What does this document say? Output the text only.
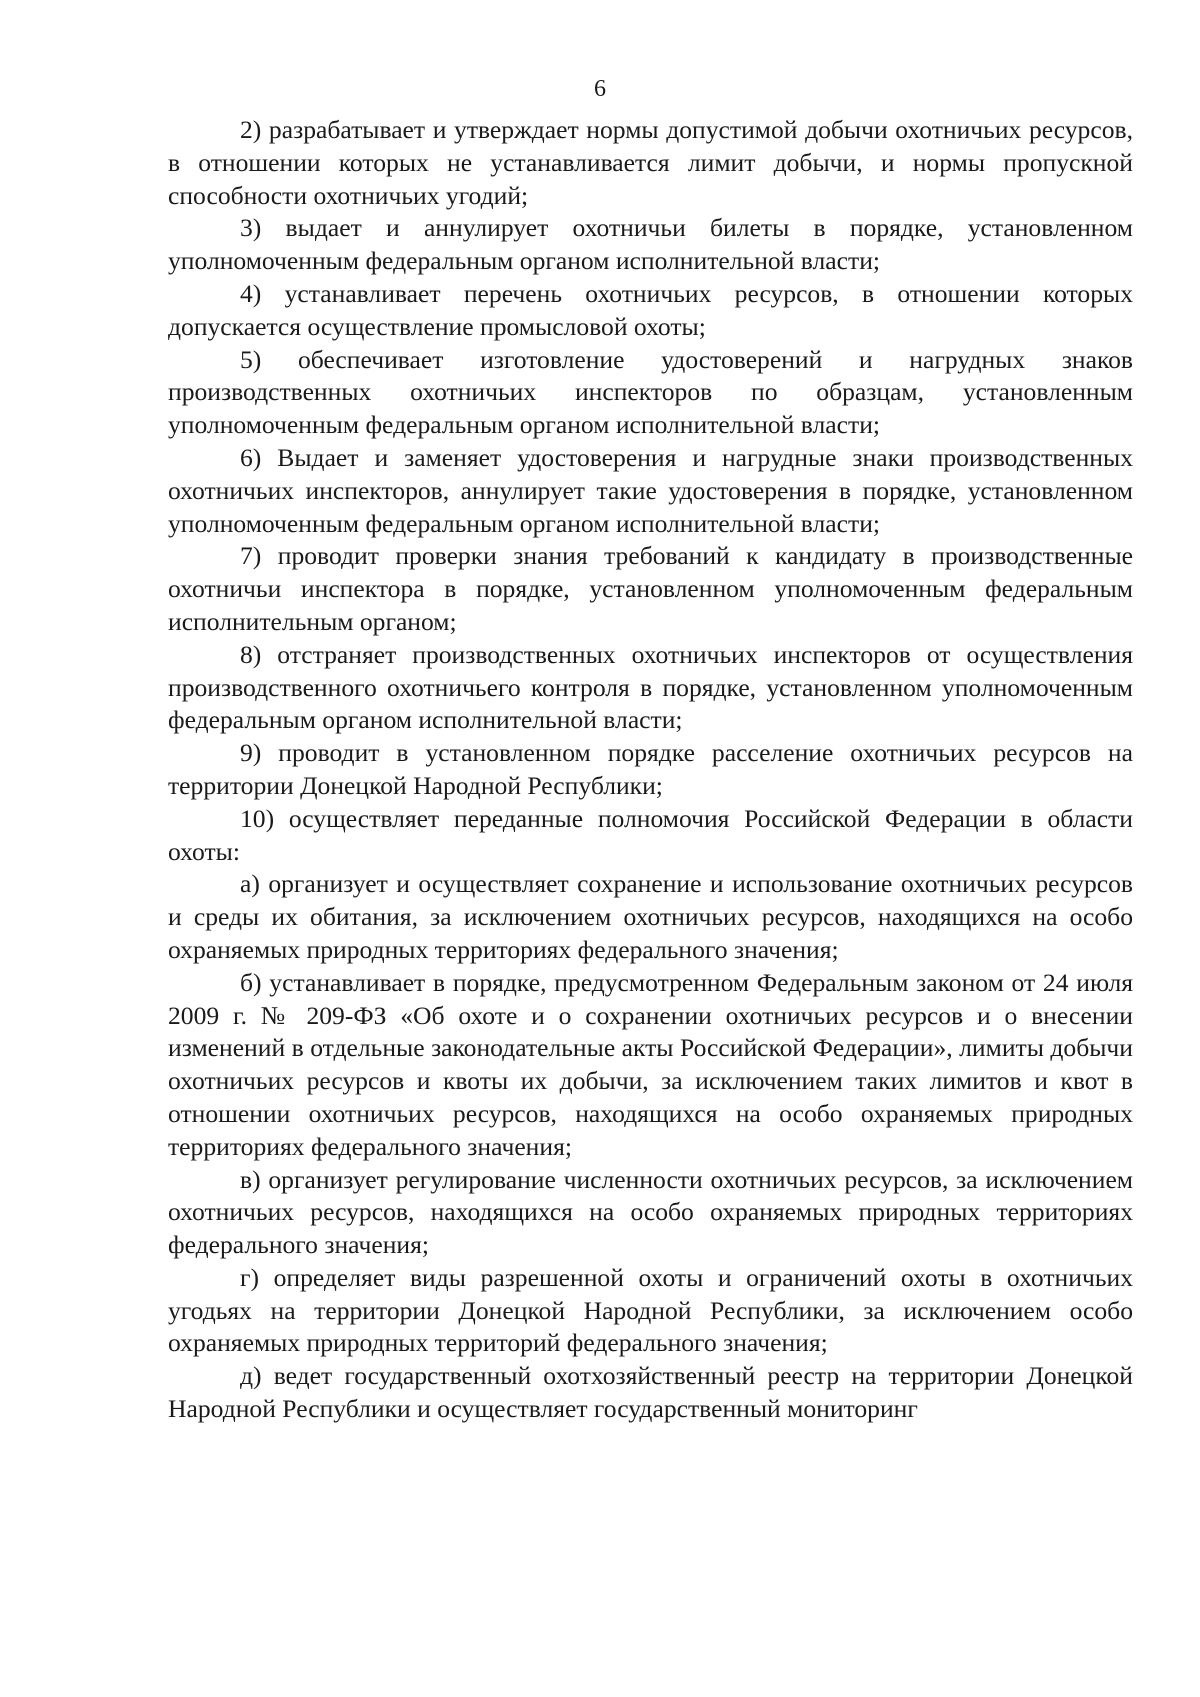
6

2) разрабатывает и утверждает нормы допустимой добычи охотничьих ресурсов, в отношении которых не устанавливается лимит добычи, и нормы пропускной способности охотничьих угодий;

3) выдает и аннулирует охотничьи билеты в порядке, установленном уполномоченным федеральным органом исполнительной власти;

4) устанавливает перечень охотничьих ресурсов, в отношении которых допускается осуществление промысловой охоты;

5) обеспечивает изготовление удостоверений и нагрудных знаков производственных охотничьих инспекторов по образцам, установленным уполномоченным федеральным органом исполнительной власти;

6) Выдает и заменяет удостоверения и нагрудные знаки производственных охотничьих инспекторов, аннулирует такие удостоверения в порядке, установленном уполномоченным федеральным органом исполнительной власти;

7) проводит проверки знания требований к кандидату в производственные охотничьи инспектора в порядке, установленном уполномоченным федеральным исполнительным органом;

8) отстраняет производственных охотничьих инспекторов от осуществления производственного охотничьего контроля в порядке, установленном уполномоченным федеральным органом исполнительной власти;

9) проводит в установленном порядке расселение охотничьих ресурсов на территории Донецкой Народной Республики;

10) осуществляет переданные полномочия Российской Федерации в области охоты:

а) организует и осуществляет сохранение и использование охотничьих ресурсов и среды их обитания, за исключением охотничьих ресурсов, находящихся на особо охраняемых природных территориях федерального значения;

б) устанавливает в порядке, предусмотренном Федеральным законом от 24 июля 2009 г. № 209-ФЗ «Об охоте и о сохранении охотничьих ресурсов и о внесении изменений в отдельные законодательные акты Российской Федерации», лимиты добычи охотничьих ресурсов и квоты их добычи, за исключением таких лимитов и квот в отношении охотничьих ресурсов, находящихся на особо охраняемых природных территориях федерального значения;

в) организует регулирование численности охотничьих ресурсов, за исключением охотничьих ресурсов, находящихся на особо охраняемых природных территориях федерального значения;

г) определяет виды разрешенной охоты и ограничений охоты в охотничьих угодьях на территории Донецкой Народной Республики, за исключением особо охраняемых природных территорий федерального значения;

д) ведет государственный охотхозяйственный реестр на территории Донецкой Народной Республики и осуществляет государственный мониторинг
